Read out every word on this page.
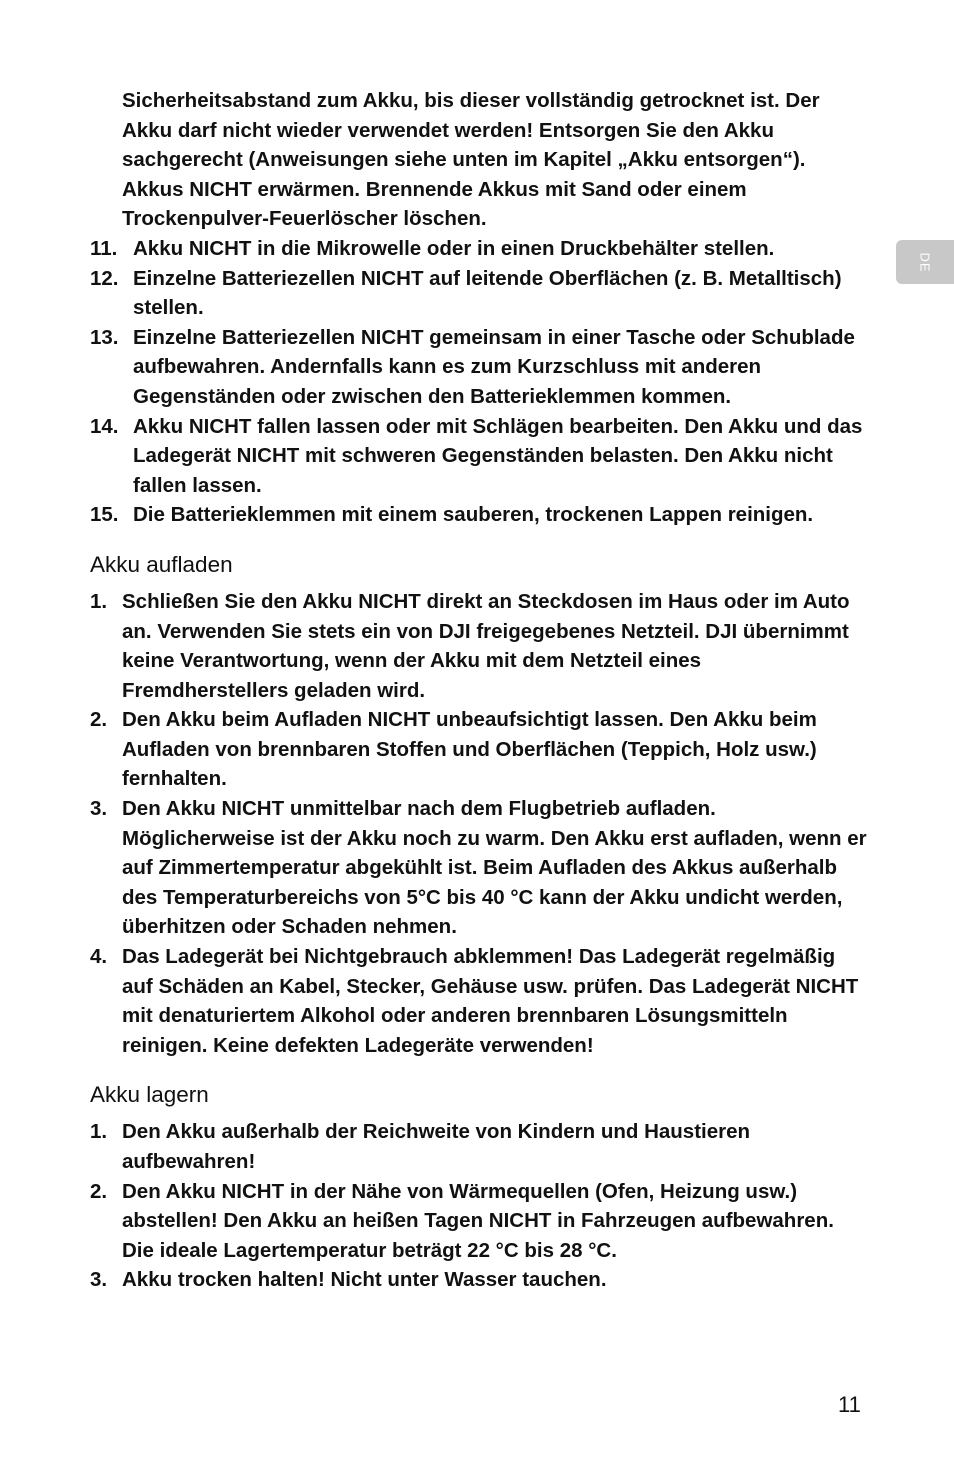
DE

Sicherheitsabstand zum Akku, bis dieser vollständig getrocknet ist. Der Akku darf nicht wieder verwendet werden! Entsorgen Sie den Akku sachgerecht (Anweisungen siehe unten im Kapitel „Akku entsorgen“). Akkus NICHT erwärmen. Brennende Akkus mit Sand oder einem Trockenpulver-Feuerlöscher löschen.

11. Akku NICHT in die Mikrowelle oder in einen Druckbehälter stellen.
12. Einzelne Batteriezellen NICHT auf leitende Oberflächen (z. B. Metalltisch) stellen.
13. Einzelne Batteriezellen NICHT gemeinsam in einer Tasche oder Schublade aufbewahren. Andernfalls kann es zum Kurzschluss mit anderen Gegenständen oder zwischen den Batterieklemmen kommen.
14. Akku NICHT fallen lassen oder mit Schlägen bearbeiten. Den Akku und das Ladegerät NICHT mit schweren Gegenständen belasten. Den Akku nicht fallen lassen.
15. Die Batterieklemmen mit einem sauberen, trockenen Lappen reinigen.
Akku aufladen
1. Schließen Sie den Akku NICHT direkt an Steckdosen im Haus oder im Auto an. Verwenden Sie stets ein von DJI freigegebenes Netzteil. DJI übernimmt keine Verantwortung, wenn der Akku mit dem Netzteil eines Fremdherstellers geladen wird.
2. Den Akku beim Aufladen NICHT unbeaufsichtigt lassen. Den Akku beim Aufladen von brennbaren Stoffen und Oberflächen (Teppich, Holz usw.) fernhalten.
3. Den Akku NICHT unmittelbar nach dem Flugbetrieb aufladen. Möglicherweise ist der Akku noch zu warm. Den Akku erst aufladen, wenn er auf Zimmertemperatur abgekühlt ist. Beim Aufladen des Akkus außerhalb des Temperaturbereichs von 5°C bis 40 °C kann der Akku undicht werden, überhitzen oder Schaden nehmen.
4. Das Ladegerät bei Nichtgebrauch abklemmen! Das Ladegerät regelmäßig auf Schäden an Kabel, Stecker, Gehäuse usw. prüfen. Das Ladegerät NICHT mit denaturiertem Alkohol oder anderen brennbaren Lösungsmitteln reinigen. Keine defekten Ladegeräte verwenden!
Akku lagern
1. Den Akku außerhalb der Reichweite von Kindern und Haustieren aufbewahren!
2. Den Akku NICHT in der Nähe von Wärmequellen (Ofen, Heizung usw.) abstellen! Den Akku an heißen Tagen NICHT in Fahrzeugen aufbewahren. Die ideale Lagertemperatur beträgt 22 °C bis 28 °C.
3. Akku trocken halten! Nicht unter Wasser tauchen.
11
